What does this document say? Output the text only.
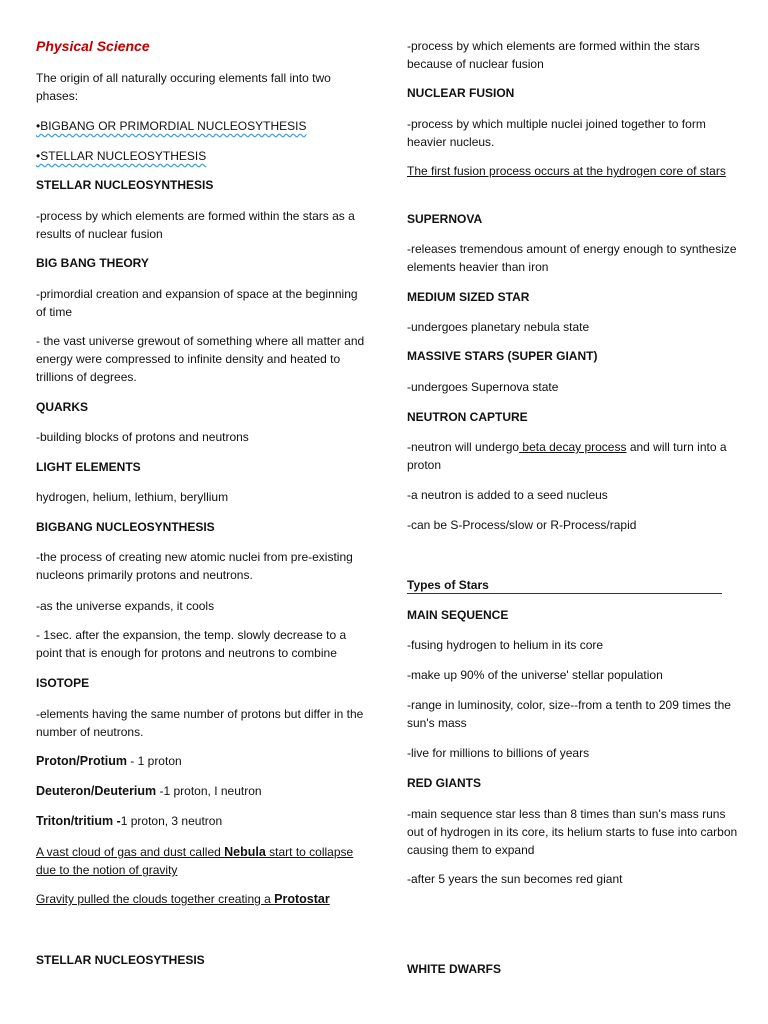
Physical Science

The origin of all naturally occuring elements fall into two phases:

•BIGBANG OR PRIMORDIAL NUCLEOSYTHESIS

•STELLAR NUCLEOSYTHESIS

STELLAR NUCLEOSYNTHESIS

-process by which elements are formed within the stars as a results of nuclear fusion

BIG BANG THEORY

-primordial creation and expansion of space at the beginning of time

- the vast universe grewout of something where all matter and energy were compressed to infinite density and heated to trillions of degrees.

QUARKS

-building blocks of protons and neutrons

LIGHT ELEMENTS

hydrogen, helium, lethium, beryllium

BIGBANG NUCLEOSYNTHESIS

-the process of creating new atomic nuclei from pre-existing nucleons primarily protons and neutrons.

-as the universe expands, it cools

- 1sec. after the expansion, the temp. slowly decrease to a point that is enough for protons and neutrons to combine

ISOTOPE

-elements having the same number of protons but differ in the number of neutrons.

Proton/Protium - 1 proton

Deuteron/Deuterium -1 proton, I neutron

Triton/tritium -1 proton, 3 neutron

A vast cloud of gas and dust called Nebula start to collapse due to the notion of gravity

Gravity pulled the clouds together creating a Protostar

STELLAR NUCLEOSYTHESIS

-process by which elements are formed within the stars because of nuclear fusion

NUCLEAR FUSION

-process by which multiple nuclei joined together to form heavier nucleus.

The first fusion process occurs at the hydrogen core of stars

SUPERNOVA

-releases tremendous amount of energy enough to synthesize elements heavier than iron

MEDIUM SIZED STAR

-undergoes planetary nebula state

MASSIVE STARS (SUPER GIANT)

-undergoes Supernova state

NEUTRON CAPTURE

-neutron will undergo beta decay process and will turn into a proton

-a neutron is added to a seed nucleus

-can be S-Process/slow or R-Process/rapid

Types of Stars

MAIN SEQUENCE

-fusing hydrogen to helium in its core

-make up 90% of the universe' stellar population

-range in luminosity, color, size--from a tenth to 209 times the sun's mass

-live for millions to billions of years

RED GIANTS

-main sequence star less than 8 times than sun's mass runs out of hydrogen in its core, its helium starts to fuse into carbon causing them to expand

-after 5 years the sun becomes red giant

WHITE DWARFS
